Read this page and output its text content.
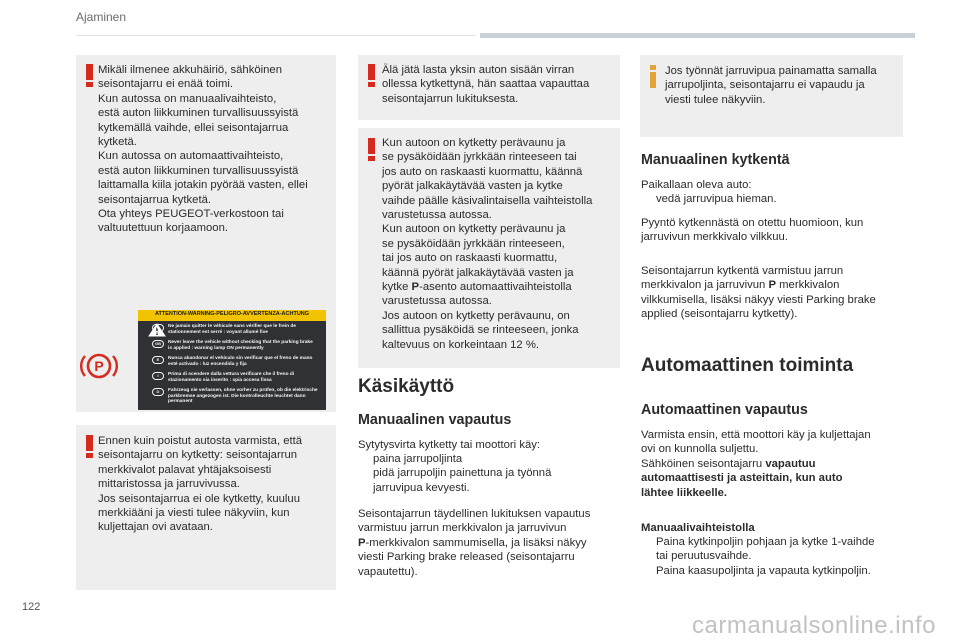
Ajaminen
Mikäli ilmenee akkuhäiriö, sähköinen
seisontajarru ei enää toimi.
Kun autossa on manuaalivaihteisto,
estä auton liikkuminen turvallisuussyistä
kytkemällä vaihde, ellei seisontajarrua
kytketä.
Kun autossa on automaattivaihteisto,
estä auton liikkuminen turvallisuussyistä
laittamalla kiila jotakin pyörää vasten, ellei
seisontajarrua kytketä.
Ota yhteys PEUGEOT-verkostoon tai
valtuutettuun korjaamoon.
ATTENTION-WARNING-PELIGRO-AVVERTENZA-ACHTUNG
F Ne jamais quitter le véhicule sans vérifier que le frein de stationnement est serré : voyant allumé fixe
GB Never leave the vehicle without checking that the parking brake is applied : warning lamp ON permanently
E Nunca abandonar el vehículo sin verificar que el freno de mano esté activado : luz encendida y fija
I Prima di scendere dalla vettura verificare che il freno di stazionamento sia inserito : spia accesa fissa
D Fahrzeug nie verlassen, ohne vorher zu prüfen, ob die elektrische parkbremse angezogen ist. Die kontrolleuchte leuchtet dann permanent
P
Ennen kuin poistut autosta varmista, että
seisontajarru on kytketty: seisontajarrun
merkkivalot palavat yhtäjaksoisesti
mittaristossa ja jarruvivussa.
Jos seisontajarrua ei ole kytketty, kuuluu
merkkiääni ja viesti tulee näkyviin, kun
kuljettajan ovi avataan.
Älä jätä lasta yksin auton sisään virran
ollessa kytkettynä, hän saattaa vapauttaa
seisontajarrun lukituksesta.
Kun autoon on kytketty perävaunu ja
se pysäköidään jyrkkään rinteeseen tai
jos auto on raskaasti kuormattu, käännä
pyörät jalkakäytävää vasten ja kytke
vaihde päälle käsivalintaisella vaihteistolla
varustetussa autossa.
Kun autoon on kytketty perävaunu ja
se pysäköidään jyrkkään rinteeseen,
tai jos auto on raskaasti kuormattu,
käännä pyörät jalkakäytävää vasten ja
kytke P-asento automaattivaihteistolla
varustetussa autossa.
Jos autoon on kytketty perävaunu, on
sallittua pysäköidä se rinteeseen, jonka
kaltevuus on korkeintaan 12 %.
Käsikäyttö
Manuaalinen vapautus
Sytytysvirta kytketty tai moottori käy:
paina jarrupoljinta
pidä jarrupoljin painettuna ja työnnä
jarruvipua kevyesti.
Seisontajarrun täydellinen lukituksen vapautus
varmistuu jarrun merkkivalon ja jarruvivun
P-merkkivalon sammumisella, ja lisäksi näkyy
viesti Parking brake released (seisontajarru
vapautettu).
Jos työnnät jarruvipua painamatta samalla
jarrupoljinta, seisontajarru ei vapaudu ja
viesti tulee näkyviin.
Manuaalinen kytkentä
Paikallaan oleva auto:
vedä jarruvipua hieman.
Pyyntö kytkennästä on otettu huomioon, kun
jarruvivun merkkivalo vilkkuu.
Seisontajarrun kytkentä varmistuu jarrun
merkkivalon ja jarruvivun P merkkivalon
vilkkumisella, lisäksi näkyy viesti Parking brake
applied (seisontajarru kytketty).
Automaattinen toiminta
Automaattinen vapautus
Varmista ensin, että moottori käy ja kuljettajan
ovi on kunnolla suljettu.
Sähköinen seisontajarru vapautuu
automaattisesti ja asteittain, kun auto
lähtee liikkeelle.
Manuaalivaihteistolla
Paina kytkinpoljin pohjaan ja kytke 1-vaihde
tai peruutusvaihde.
Paina kaasupoljinta ja vapauta kytkinpoljin.
122
carmanualsonline.info
